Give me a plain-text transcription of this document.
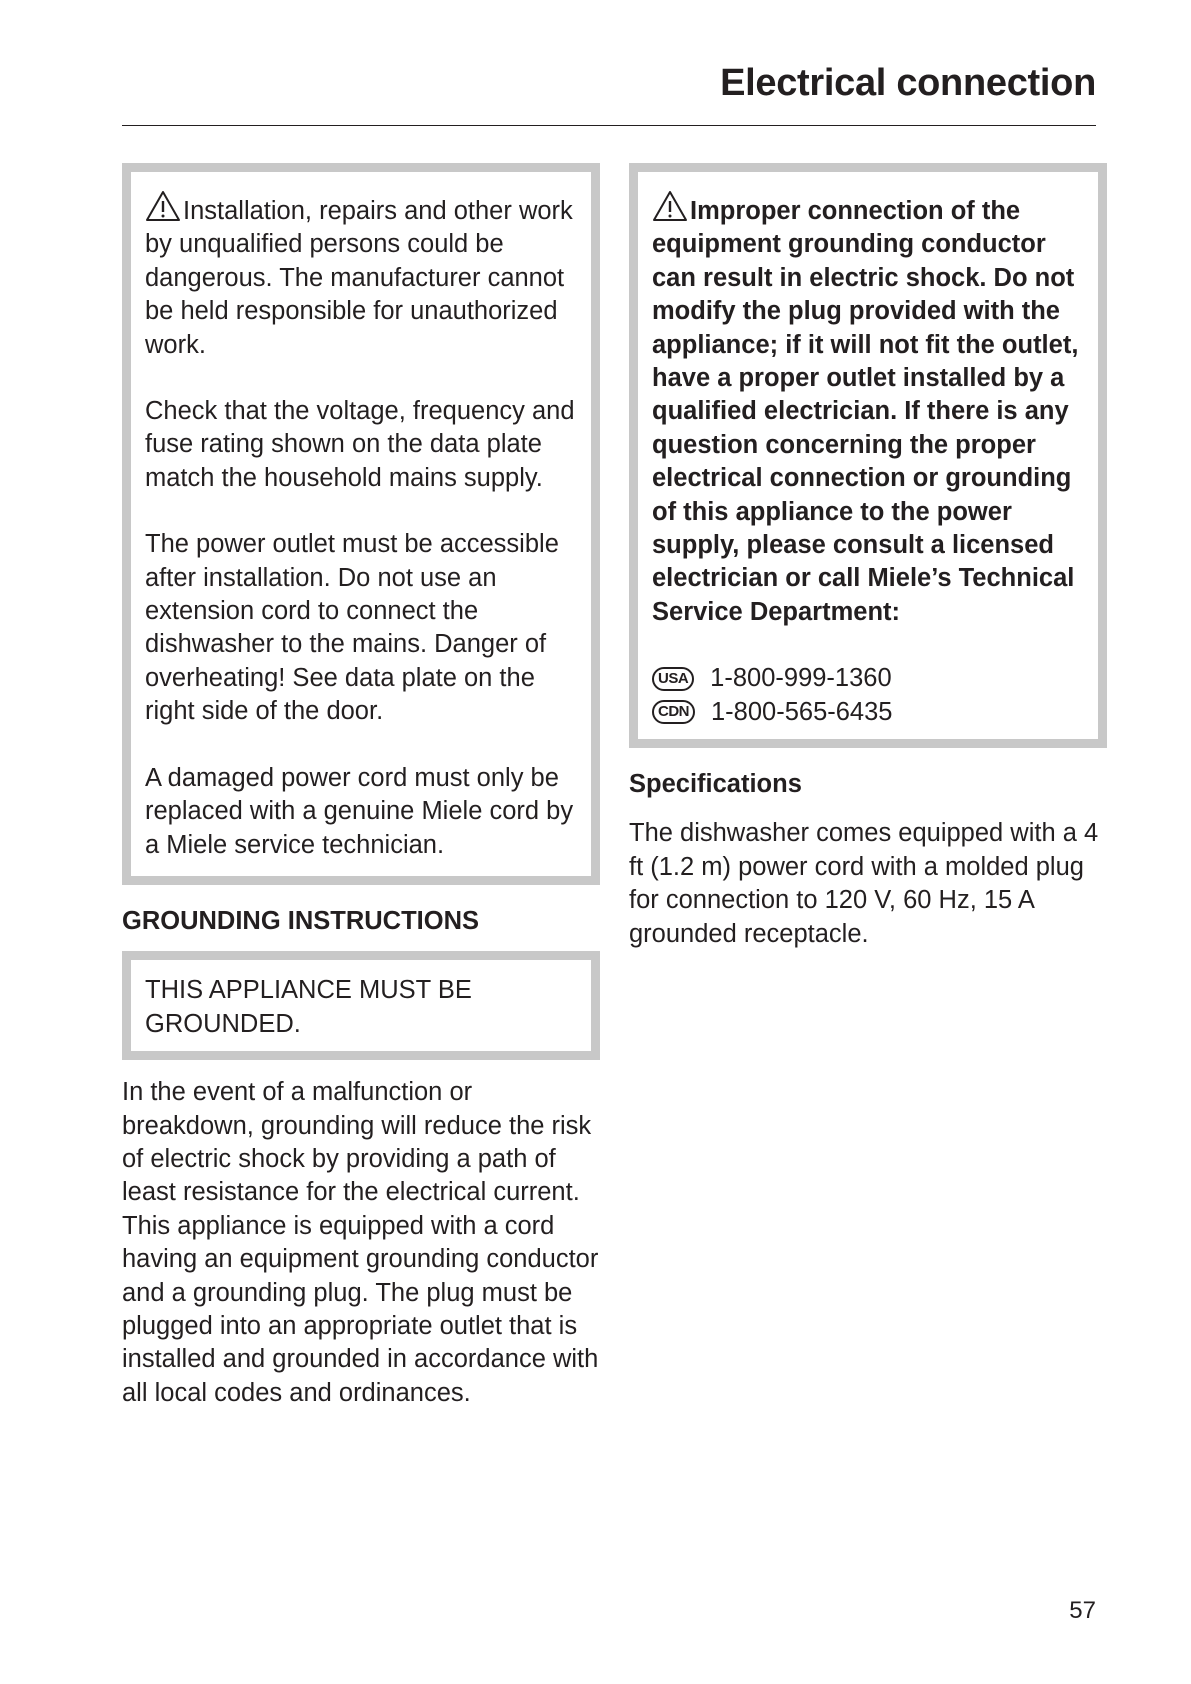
Electrical connection

Installation, repairs and other work by unqualified persons could be dangerous. The manufacturer cannot be held responsible for unauthorized work.

Check that the voltage, frequency and fuse rating shown on the data plate match the household mains supply.

The power outlet must be accessible after installation. Do not use an extension cord to connect the dishwasher to the mains. Danger of overheating! See data plate on the right side of the door.

A damaged power cord must only be replaced with a genuine Miele cord by a Miele service technician.

GROUNDING INSTRUCTIONS

THIS APPLIANCE MUST BE GROUNDED.

In the event of a malfunction or breakdown, grounding will reduce the risk of electric shock by providing a path of least resistance for the electrical current. This appliance is equipped with a cord having an equipment grounding conductor and a grounding plug. The plug must be plugged into an appropriate outlet that is installed and grounded in accordance with all local codes and ordinances.

Improper connection of the equipment grounding conductor can result in electric shock. Do not modify the plug provided with the appliance; if it will not fit the outlet, have a proper outlet installed by a qualified electrician. If there is any question concerning the proper electrical connection or grounding of this appliance to the power supply, please consult a licensed electrician or call Miele’s Technical Service Department:

USA 1-800-999-1360
CDN 1-800-565-6435
Specifications

The dishwasher comes equipped with a 4 ft (1.2 m) power cord with a molded plug for connection to 120 V, 60 Hz, 15 A grounded receptacle.

57
